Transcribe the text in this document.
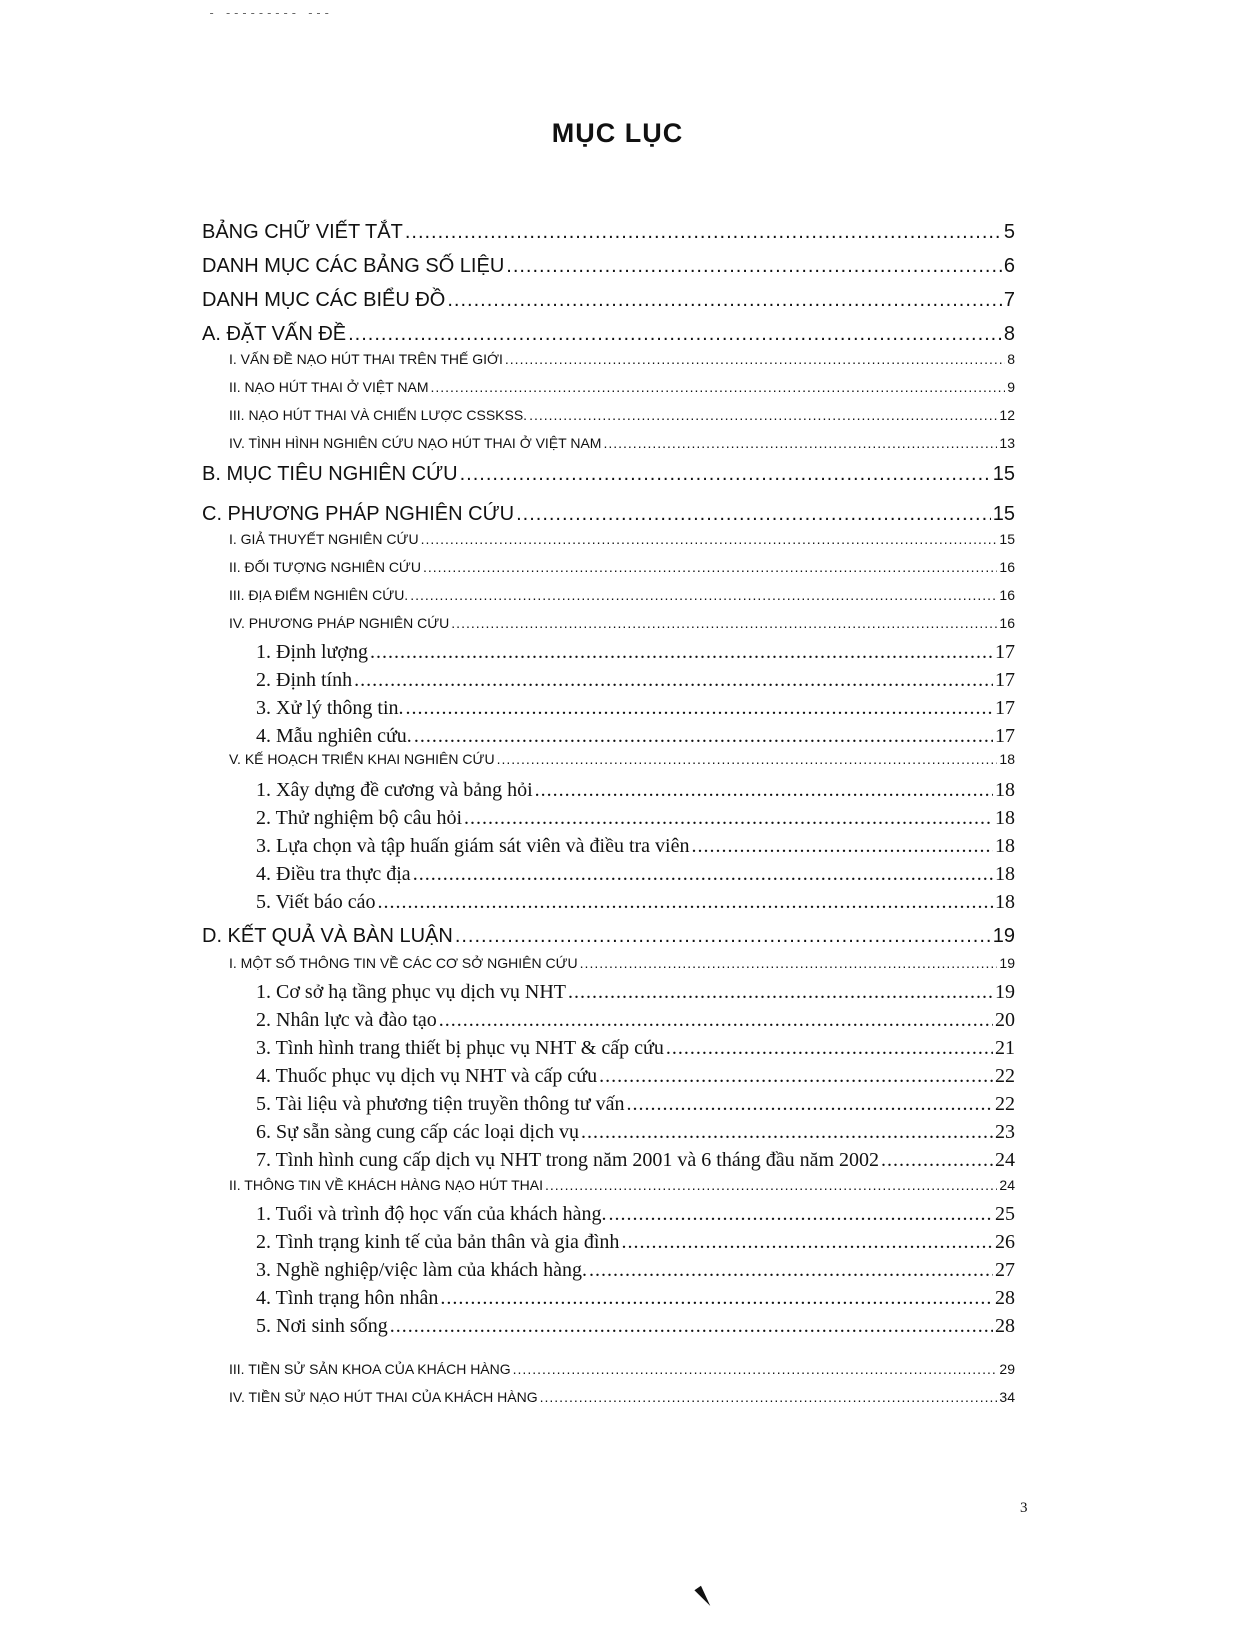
- --------- ---
MỤC LỤC
BẢNG CHỮ VIẾT TẮT .....	5
DANH MỤC CÁC BẢNG SỐ LIỆU .....	6
DANH MỤC CÁC BIỂU ĐỒ .....	7
A. ĐẶT VẤN ĐỀ .....	8
I. VẤN ĐỀ NẠO HÚT THAI TRÊN THẾ GIỚI .....	8
II. NẠO HÚT THAI Ở VIỆT NAM .....	9
III. NẠO HÚT THAI VÀ CHIẾN LƯỢC CSSKSS. .....	12
IV. TÌNH HÌNH NGHIÊN CỨU NẠO HÚT THAI Ở VIỆT NAM .....	13
B. MỤC TIÊU NGHIÊN CỨU .....	15
C. PHƯƠNG PHÁP NGHIÊN CỨU .....	15
I. GIẢ THUYẾT NGHIÊN CỨU .....	15
II. ĐỐI TƯỢNG NGHIÊN CỨU .....	16
III. ĐỊA ĐIỂM NGHIÊN CỨU. .....	16
IV. PHƯƠNG PHÁP NGHIÊN CỨU .....	16
1. Định lượng .....	17
2. Định tính .....	17
3. Xử lý thông tin. .....	17
4. Mẫu nghiên cứu. .....	17
V. KẾ HOẠCH TRIỂN KHAI NGHIÊN CỨU .....	18
1. Xây dựng đề cương và bảng hỏi .....	18
2. Thử nghiệm bộ câu hỏi .....	18
3. Lựa chọn và tập huấn giám sát viên và điều tra viên .....	18
4. Điều tra thực địa .....	18
5. Viết báo cáo .....	18
D. KẾT QUẢ VÀ BÀN LUẬN .....	19
I. MỘT SỐ THÔNG TIN VỀ CÁC CƠ SỞ NGHIÊN CỨU .....	19
1. Cơ sở hạ tầng phục vụ dịch vụ NHT .....	19
2. Nhân lực và đào tạo .....	20
3. Tình hình trang thiết bị phục vụ NHT & cấp cứu .....	21
4. Thuốc phục vụ dịch vụ NHT và cấp cứu .....	22
5. Tài liệu và phương tiện truyền thông tư vấn .....	22
6. Sự sẵn sàng cung cấp các loại dịch vụ .....	23
7. Tình hình cung cấp dịch vụ NHT trong năm 2001 và 6 tháng đầu năm 2002 .....	24
II. THÔNG TIN VỀ KHÁCH HÀNG NẠO HÚT THAI .....	24
1. Tuổi và trình độ học vấn của khách hàng. .....	25
2. Tình trạng kinh tế của bản thân và gia đình .....	26
3. Nghề nghiệp/việc làm của khách hàng. .....	27
4. Tình trạng hôn nhân .....	28
5. Nơi sinh sống .....	28
III. TIỀN SỬ SẢN KHOA CỦA KHÁCH HÀNG .....	29
IV. TIỀN SỬ NẠO HÚT THAI CỦA KHÁCH HÀNG .....	34
3
